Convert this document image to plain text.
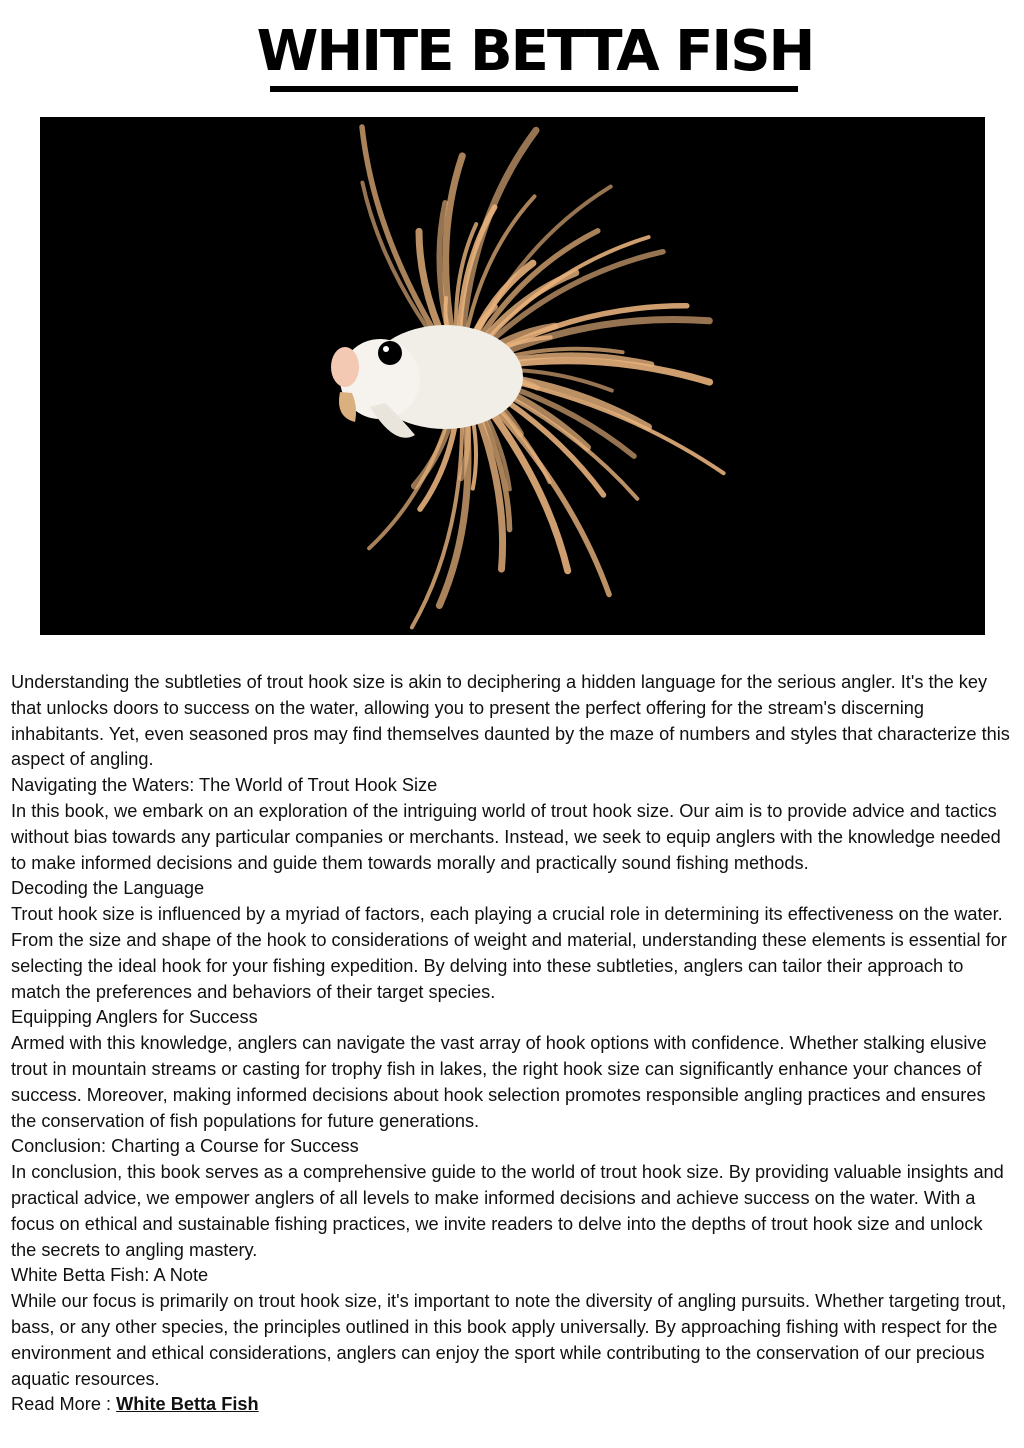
WHITE BETTA FISH

Understanding the subtleties of trout hook size is akin to deciphering a hidden language for the serious angler. It's the key that unlocks doors to success on the water, allowing you to present the perfect offering for the stream's discerning inhabitants. Yet, even seasoned pros may find themselves daunted by the maze of numbers and styles that characterize this aspect of angling.

Navigating the Waters: The World of Trout Hook Size

In this book, we embark on an exploration of the intriguing world of trout hook size. Our aim is to provide advice and tactics without bias towards any particular companies or merchants. Instead, we seek to equip anglers with the knowledge needed to make informed decisions and guide them towards morally and practically sound fishing methods.

Decoding the Language

Trout hook size is influenced by a myriad of factors, each playing a crucial role in determining its effectiveness on the water. From the size and shape of the hook to considerations of weight and material, understanding these elements is essential for selecting the ideal hook for your fishing expedition. By delving into these subtleties, anglers can tailor their approach to match the preferences and behaviors of their target species.

Equipping Anglers for Success

Armed with this knowledge, anglers can navigate the vast array of hook options with confidence. Whether stalking elusive trout in mountain streams or casting for trophy fish in lakes, the right hook size can significantly enhance your chances of success. Moreover, making informed decisions about hook selection promotes responsible angling practices and ensures the conservation of fish populations for future generations.

Conclusion: Charting a Course for Success

In conclusion, this book serves as a comprehensive guide to the world of trout hook size. By providing valuable insights and practical advice, we empower anglers of all levels to make informed decisions and achieve success on the water. With a focus on ethical and sustainable fishing practices, we invite readers to delve into the depths of trout hook size and unlock the secrets to angling mastery.

White Betta Fish: A Note

While our focus is primarily on trout hook size, it's important to note the diversity of angling pursuits. Whether targeting trout, bass, or any other species, the principles outlined in this book apply universally. By approaching fishing with respect for the environment and ethical considerations, anglers can enjoy the sport while contributing to the conservation of our precious aquatic resources.

Read More : White Betta Fish
